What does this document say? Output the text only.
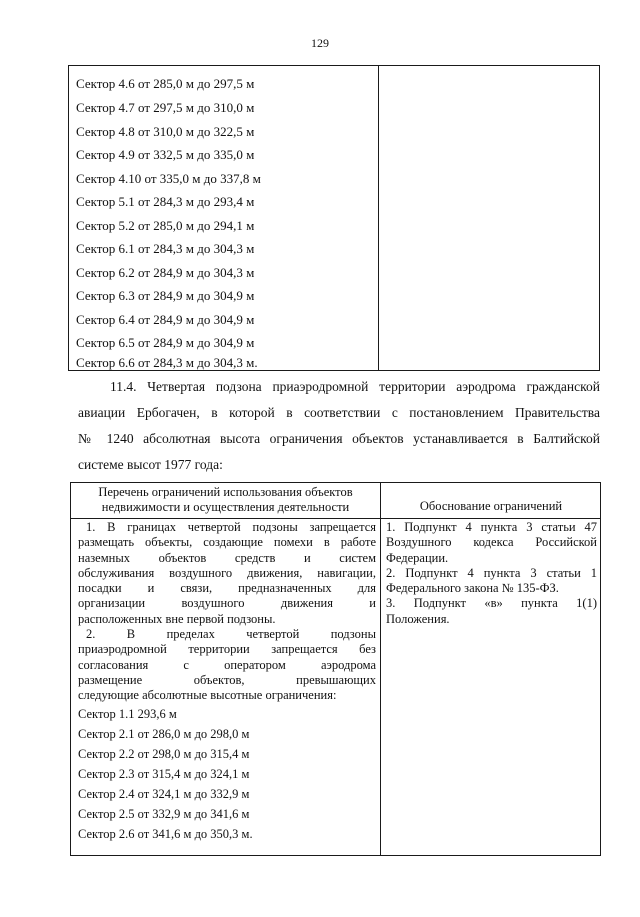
129
Сектор 4.6 от 285,0 м до 297,5 м
Сектор 4.7 от 297,5 м до 310,0 м
Сектор 4.8 от 310,0 м до 322,5 м
Сектор 4.9 от 332,5 м до 335,0 м
Сектор 4.10 от 335,0 м до 337,8 м
Сектор 5.1 от 284,3 м до 293,4 м
Сектор 5.2 от 285,0 м до 294,1 м
Сектор 6.1 от 284,3 м до 304,3 м
Сектор 6.2 от 284,9 м до 304,3 м
Сектор 6.3 от 284,9 м до 304,9 м
Сектор 6.4 от 284,9 м до 304,9 м
Сектор 6.5 от 284,9 м до 304,9 м
Сектор 6.6 от 284,3 м до 304,3 м.
11.4. Четвертая подзона приаэродромной территории аэродрома гражданской
авиации Ербогачен, в которой в соответствии с постановлением Правительства
№ 1240 абсолютная высота ограничения объектов устанавливается в Балтийской
системе высот 1977 года:
Перечень ограничений использования объектов
недвижимости и осуществления деятельности	Обоснование ограничений
1. В границах четвертой подзоны запрещается
размещать объекты, создающие помехи в работе
наземных объектов средств и систем
обслуживания воздушного движения, навигации,
посадки и связи, предназначенных для
организации воздушного движения и
расположенных вне первой подзоны.
2. В пределах четвертой подзоны
приаэродромной территории запрещается без
согласования с оператором аэродрома
размещение объектов, превышающих
следующие абсолютные высотные ограничения:
Сектор 1.1 293,6 м
Сектор 2.1 от 286,0 м до 298,0 м
Сектор 2.2 от 298,0 м до 315,4 м
Сектор 2.3 от 315,4 м до 324,1 м
Сектор 2.4 от 324,1 м до 332,9 м
Сектор 2.5 от 332,9 м до 341,6 м
Сектор 2.6 от 341,6 м до 350,3 м.
1. Подпункт 4 пункта 3 статьи 47
Воздушного кодекса Российской
Федерации.
2. Подпункт 4 пункта 3 статьи 1
Федерального закона № 135-ФЗ.
3. Подпункт «в» пункта 1(1)
Положения.
